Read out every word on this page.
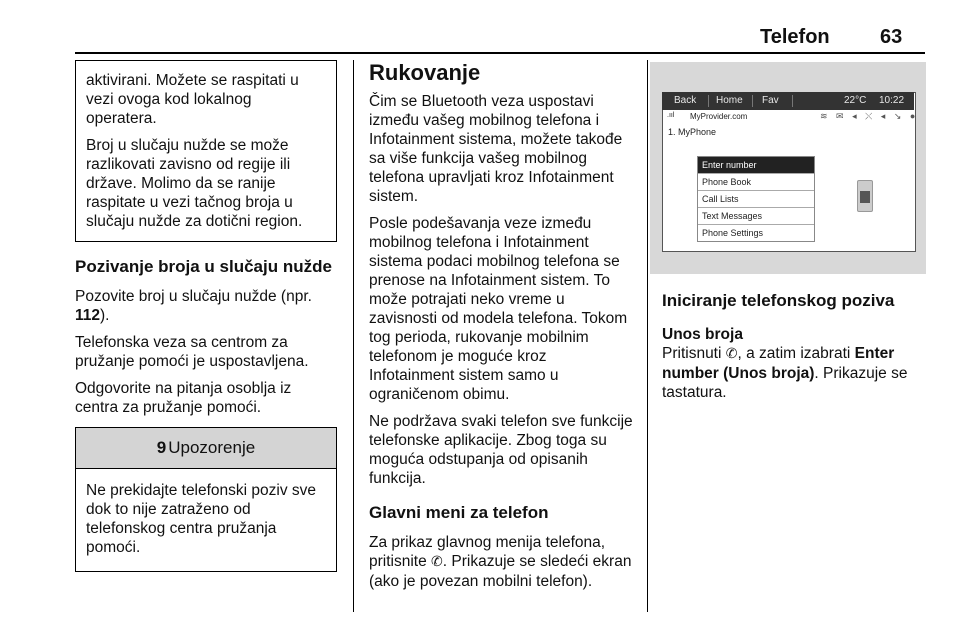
Telefon	63

aktivirani. Možete se raspitati u vezi ovoga kod lokalnog operatera.

Broj u slučaju nužde se može razlikovati zavisno od regije ili države. Molimo da se ranije raspitate u vezi tačnog broja u slučaju nužde za dotični region.

Pozivanje broja u slučaju nužde

Pozovite broj u slučaju nužde (npr. 112).

Telefonska veza sa centrom za pružanje pomoći je uspostavljena.

Odgovorite na pitanja osoblja iz centra za pružanje pomoći.

9 Upozorenje

Ne prekidajte telefonski poziv sve dok to nije zatraženo od telefonskog centra pružanja pomoći.

Rukovanje

Čim se Bluetooth veza uspostavi između vašeg mobilnog telefona i Infotainment sistema, možete takođe sa više funkcija vašeg mobilnog telefona upravljati kroz Infotainment sistem.

Posle podešavanja veze između mobilnog telefona i Infotainment sistema podaci mobilnog telefona se prenose na Infotainment sistem. To može potrajati neko vreme u zavisnosti od modela telefona. Tokom tog perioda, rukovanje mobilnim telefonom je moguće kroz Infotainment sistem samo u ograničenom obimu.

Ne podržava svaki telefon sve funkcije telefonske aplikacije. Zbog toga su moguća odstupanja od opisanih funkcija.

Glavni meni za telefon

Za prikaz glavnog menija telefona, pritisnite ✆. Prikazuje se sledeći ekran (ako je povezan mobilni telefon).

Back Home Fav	22°C 10:22
.ııl MyProvider.com	≋ ✉ ◂ ⤬ ◂ ↘ ●
1. MyPhone
Enter number
Phone Book
Call Lists
Text Messages
Phone Settings
Iniciranje telefonskog poziva
Unos broja

Pritisnuti ✆, a zatim izabrati Enter number (Unos broja). Prikazuje se tastatura.
